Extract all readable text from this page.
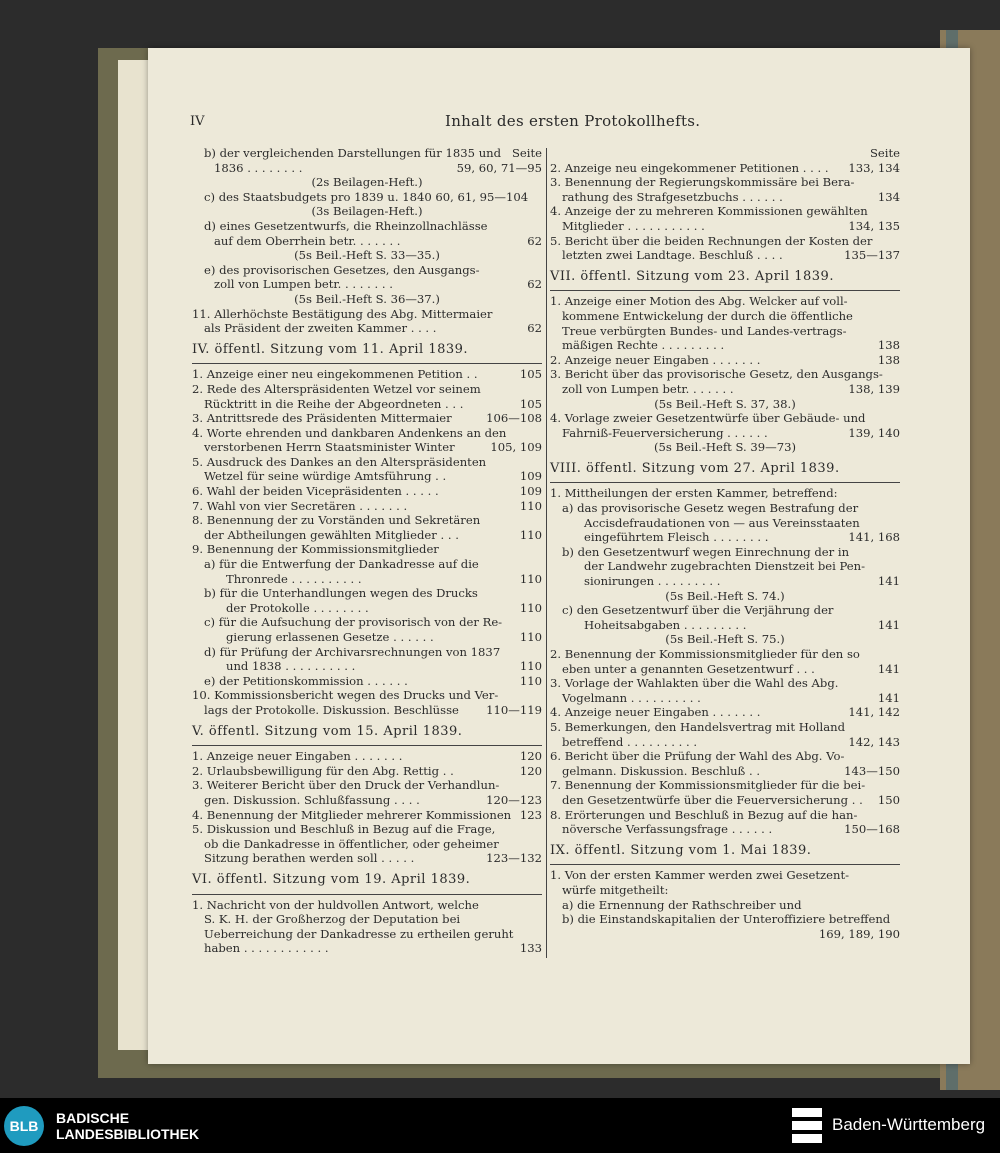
IV	Inhalt des ersten Protokollhefts.
b) der vergleichenden Darstellungen für 1835 und Seite
1836 . . . . . . . .	59, 60, 71—95
(2s Beilagen-Heft.)
c) des Staatsbudgets pro 1839 u. 1840 60, 61, 95—104
(3s Beilagen-Heft.)
d) eines Gesetzentwurfs, die Rheinzollnachlässe
auf dem Oberrhein betr. . . . . . .	62
(5s Beil.-Heft S. 33—35.)
e) des provisorischen Gesetzes, den Ausgangs-
zoll von Lumpen betr. . . . . . . .	62
(5s Beil.-Heft S. 36—37.)
11. Allerhöchste Bestätigung des Abg. Mittermaier
als Präsident der zweiten Kammer . . . .	62
IV. öffentl. Sitzung vom 11. April 1839.
1. Anzeige einer neu eingekommenen Petition . .	105
2. Rede des Alterspräsidenten Wetzel vor seinem
Rücktritt in die Reihe der Abgeordneten . . .	105
3. Antrittsrede des Präsidenten Mittermaier	106—108
4. Worte ehrenden und dankbaren Andenkens an den
verstorbenen Herrn Staatsminister Winter	105, 109
5. Ausdruck des Dankes an den Alterspräsidenten
Wetzel für seine würdige Amtsführung . .	109
6. Wahl der beiden Vicepräsidenten . . . . .	109
7. Wahl von vier Secretären . . . . . . .	110
8. Benennung der zu Vorständen und Sekretären
der Abtheilungen gewählten Mitglieder . . .	110
9. Benennung der Kommissionsmitglieder
a) für die Entwerfung der Dankadresse auf die
Thronrede . . . . . . . . . .	110
b) für die Unterhandlungen wegen des Drucks
der Protokolle . . . . . . . .	110
c) für die Aufsuchung der provisorisch von der Re-
gierung erlassenen Gesetze . . . . . .	110
d) für Prüfung der Archivarsrechnungen von 1837
und 1838 . . . . . . . . . .	110
e) der Petitionskommission . . . . . .	110
10. Kommissionsbericht wegen des Drucks und Ver-
lags der Protokolle. Diskussion. Beschlüsse	110—119
V. öffentl. Sitzung vom 15. April 1839.
1. Anzeige neuer Eingaben . . . . . . .	120
2. Urlaubsbewilligung für den Abg. Rettig . .	120
3. Weiterer Bericht über den Druck der Verhandlun-
gen. Diskussion. Schlußfassung . . . .	120—123
4. Benennung der Mitglieder mehrerer Kommissionen 123
5. Diskussion und Beschluß in Bezug auf die Frage,
ob die Dankadresse in öffentlicher, oder geheimer
Sitzung berathen werden soll . . . . .	123—132
VI. öffentl. Sitzung vom 19. April 1839.
1. Nachricht von der huldvollen Antwort, welche
S. K. H. der Großherzog der Deputation bei
Ueberreichung der Dankadresse zu ertheilen geruht
haben . . . . . . . . . . . .	133
Seite
2. Anzeige neu eingekommener Petitionen . . . .	133, 134
3. Benennung der Regierungskommissäre bei Bera-
rathung des Strafgesetzbuchs . . . . . .	134
4. Anzeige der zu mehreren Kommissionen gewählten
Mitglieder . . . . . . . . . . .	134, 135
5. Bericht über die beiden Rechnungen der Kosten der
letzten zwei Landtage. Beschluß . . . .	135—137
VII. öffentl. Sitzung vom 23. April 1839.
1. Anzeige einer Motion des Abg. Welcker auf voll-
kommene Entwickelung der durch die öffentliche
Treue verbürgten Bundes- und Landes-vertrags-
mäßigen Rechte . . . . . . . . .	138
2. Anzeige neuer Eingaben . . . . . . .	138
3. Bericht über das provisorische Gesetz, den Ausgangs-
zoll von Lumpen betr. . . . . . .	138, 139
(5s Beil.-Heft S. 37, 38.)
4. Vorlage zweier Gesetzentwürfe über Gebäude- und
Fahrniß-Feuerversicherung . . . . . .	139, 140
(5s Beil.-Heft S. 39—73)
VIII. öffentl. Sitzung vom 27. April 1839.
1. Mittheilungen der ersten Kammer, betreffend:
a) das provisorische Gesetz wegen Bestrafung der
Accisdefraudationen von — aus Vereinsstaaten
eingeführtem Fleisch . . . . . . . .	141, 168
b) den Gesetzentwurf wegen Einrechnung der in
der Landwehr zugebrachten Dienstzeit bei Pen-
sionirungen . . . . . . . . .	141
(5s Beil.-Heft S. 74.)
c) den Gesetzentwurf über die Verjährung der
Hoheitsabgaben . . . . . . . . .	141
(5s Beil.-Heft S. 75.)
2. Benennung der Kommissionsmitglieder für den so
eben unter a genannten Gesetzentwurf . . .	141
3. Vorlage der Wahlakten über die Wahl des Abg.
Vogelmann . . . . . . . . . .	141
4. Anzeige neuer Eingaben . . . . . . .	141, 142
5. Bemerkungen, den Handelsvertrag mit Holland
betreffend . . . . . . . . . .	142, 143
6. Bericht über die Prüfung der Wahl des Abg. Vo-
gelmann. Diskussion. Beschluß . .	143—150
7. Benennung der Kommissionsmitglieder für die bei-
den Gesetzentwürfe über die Feuerversicherung . .	150
8. Erörterungen und Beschluß in Bezug auf die han-
növersche Verfassungsfrage . . . . . .	150—168
IX. öffentl. Sitzung vom 1. Mai 1839.
1. Von der ersten Kammer werden zwei Gesetzent-
würfe mitgetheilt:
a) die Ernennung der Rathschreiber und
b) die Einstandskapitalien der Unteroffiziere betreffend
169, 189, 190
BLB	BADISCHE
LANDESBIBLIOTHEK	Baden-Württemberg
